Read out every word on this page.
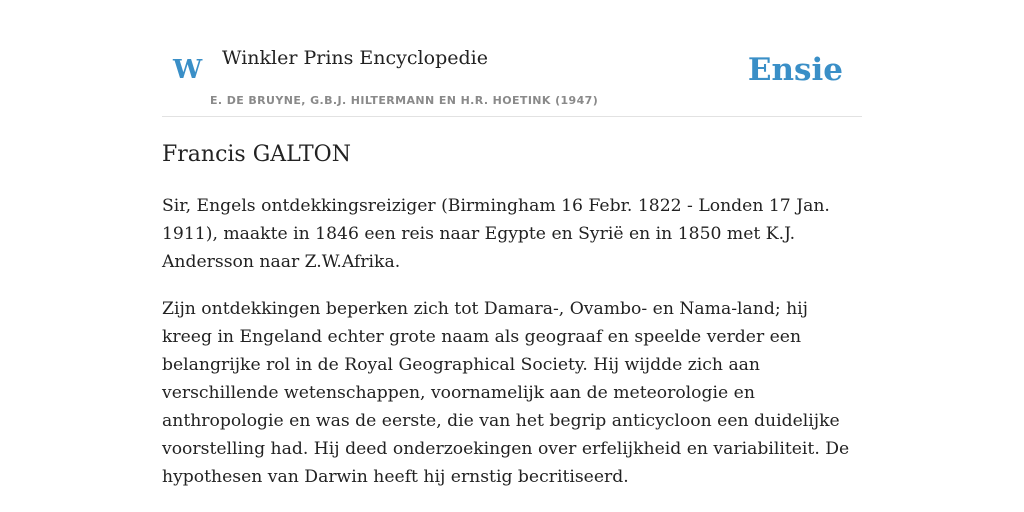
W Winkler Prins Encyclopedie
E. DE BRUYNE, G.B.J. HILTERMANN EN H.R. HOETINK (1947)
Ensie
Francis GALTON

Sir, Engels ontdekkingsreiziger (Birmingham 16 Febr. 1822 - Londen 17 Jan. 1911), maakte in 1846 een reis naar Egypte en Syrië en in 1850 met K.J. Andersson naar Z.W.Afrika.

Zijn ontdekkingen beperken zich tot Damara-, Ovambo- en Nama-land; hij kreeg in Engeland echter grote naam als geograaf en speelde verder een belangrijke rol in de Royal Geographical Society. Hij wijdde zich aan verschillende wetenschappen, voornamelijk aan de meteorologie en anthropologie en was de eerste, die van het begrip anticycloon een duidelijke voorstelling had. Hij deed onderzoekingen over erfelijkheid en variabiliteit. De hypothesen van Darwin heeft hij ernstig becritiseerd.
